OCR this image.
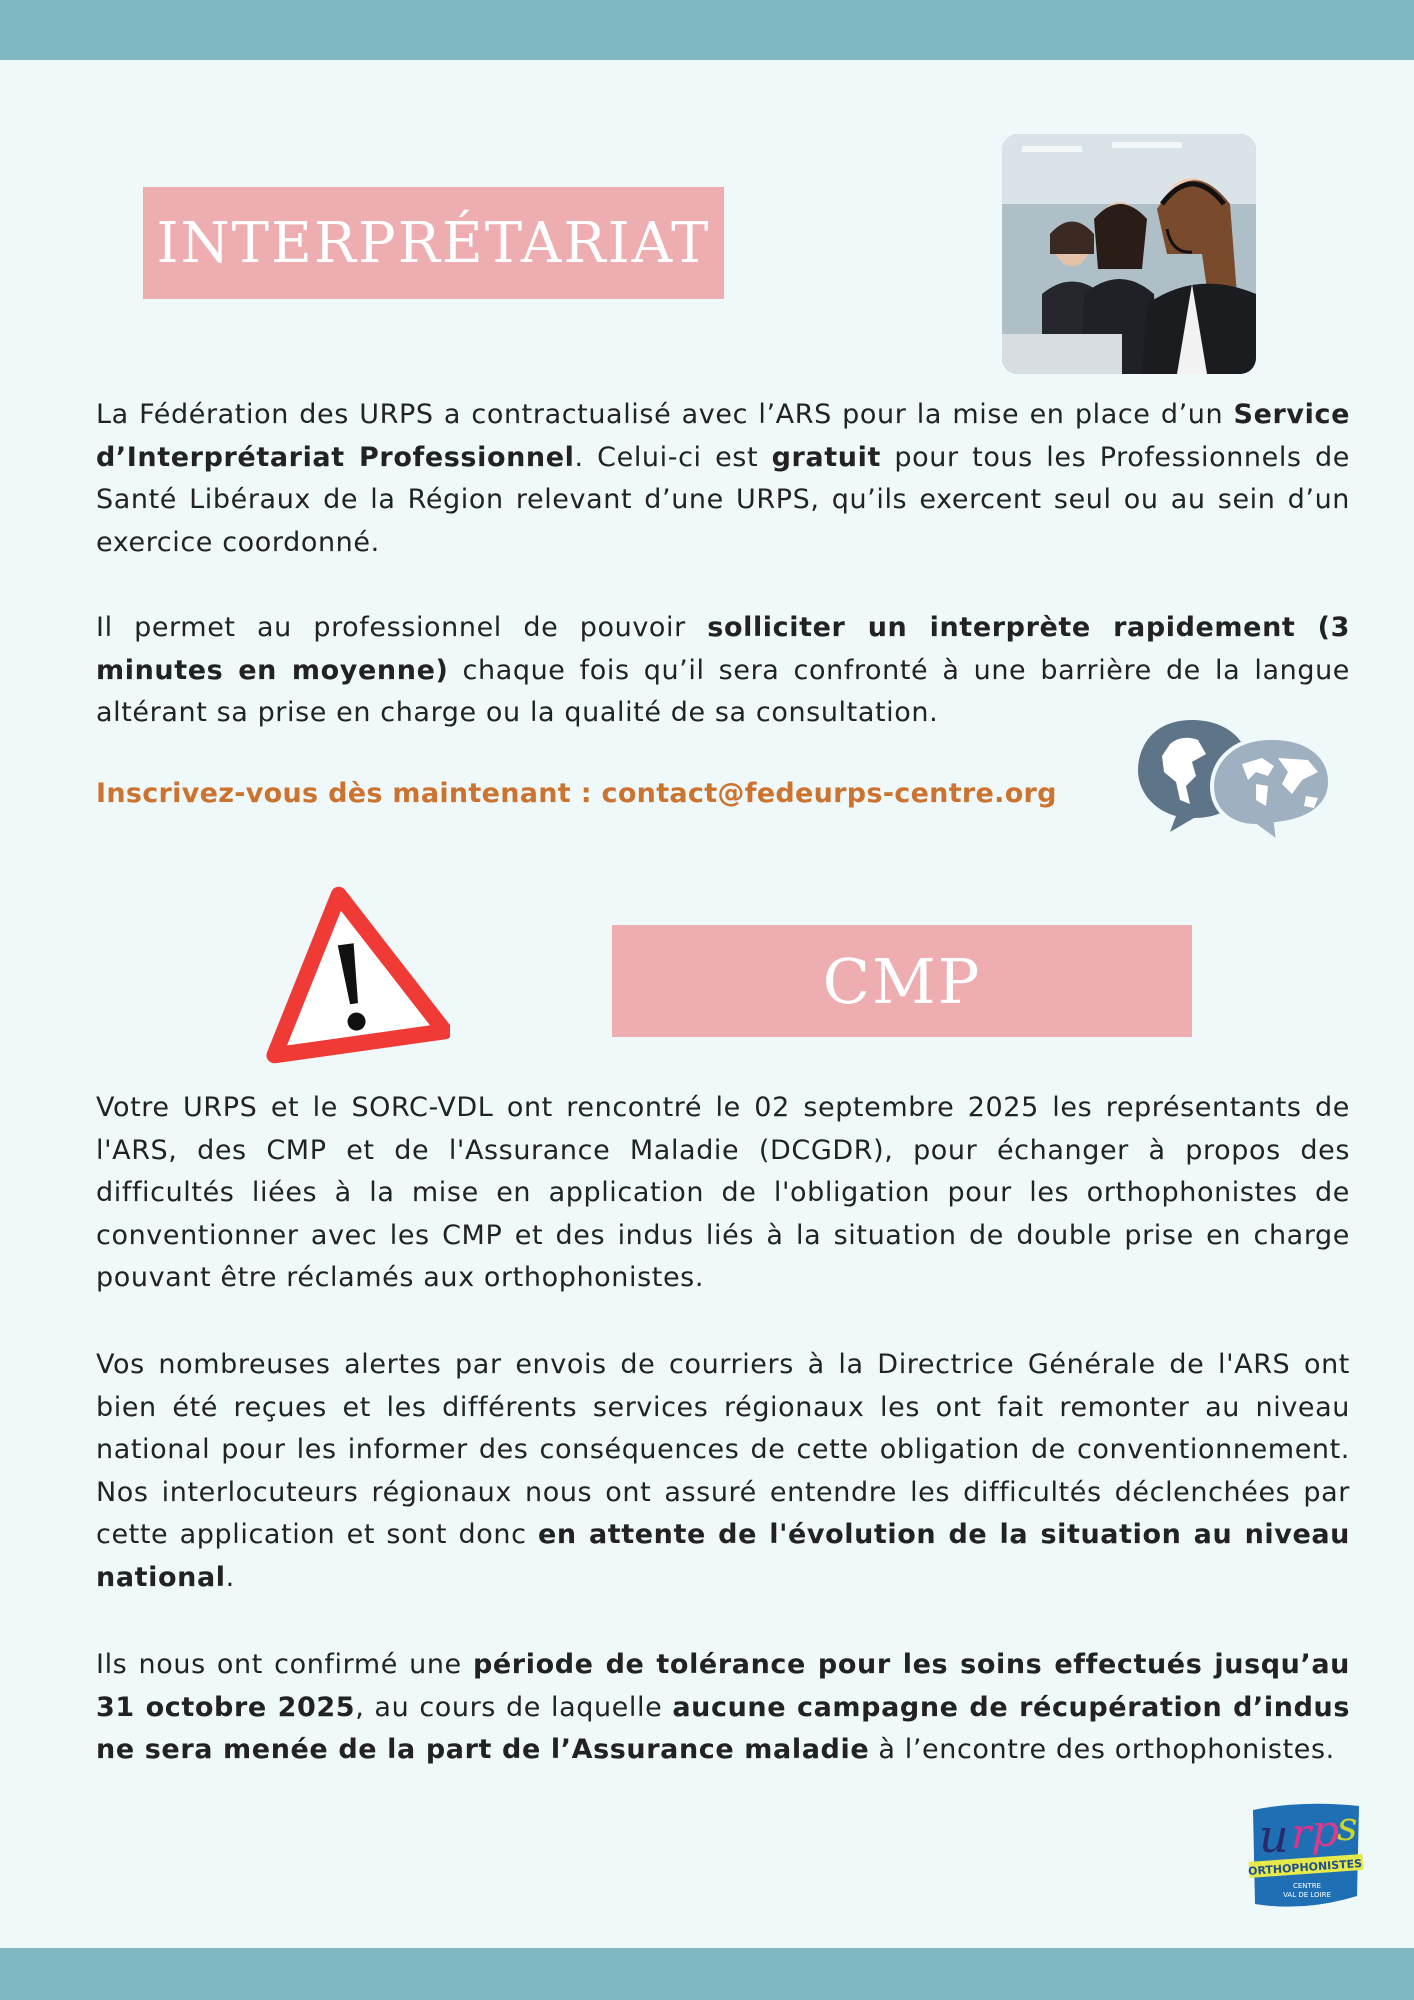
INTERPRÉTARIAT

La Fédération des URPS a contractualisé avec l’ARS pour la mise en place d’un Service d’Interprétariat Professionnel. Celui-ci est gratuit pour tous les Professionnels de Santé Libéraux de la Région relevant d’une URPS, qu’ils exercent seul ou au sein d’un exercice coordonné.

Il permet au professionnel de pouvoir solliciter un interprète rapidement (3 minutes en moyenne) chaque fois qu’il sera confronté à une barrière de la langue altérant sa prise en charge ou la qualité de sa consultation.

Inscrivez-vous dès maintenant : contact@fedeurps-centre.org
CMP

Votre URPS et le SORC-VDL ont rencontré le 02 septembre 2025 les représentants de l'ARS, des CMP et de l'Assurance Maladie (DCGDR), pour échanger à propos des difficultés liées à la mise en application de l'obligation pour les orthophonistes de conventionner avec les CMP et des indus liés à la situation de double prise en charge pouvant être réclamés aux orthophonistes.

Vos nombreuses alertes par envois de courriers à la Directrice Générale de l'ARS ont bien été reçues et les différents services régionaux les ont fait remonter au niveau national pour les informer des conséquences de cette obligation de conventionnement. Nos interlocuteurs régionaux nous ont assuré entendre les difficultés déclenchées par cette application et sont donc en attente de l'évolution de la situation au niveau national.

Ils nous ont confirmé une période de tolérance pour les soins effectués jusqu’au 31 octobre 2025, au cours de laquelle aucune campagne de récupération d’indus ne sera menée de la part de l’Assurance maladie à l’encontre des orthophonistes.

u r p
s
ORTHOPHONISTES
CENTRE
VAL DE LOIRE
